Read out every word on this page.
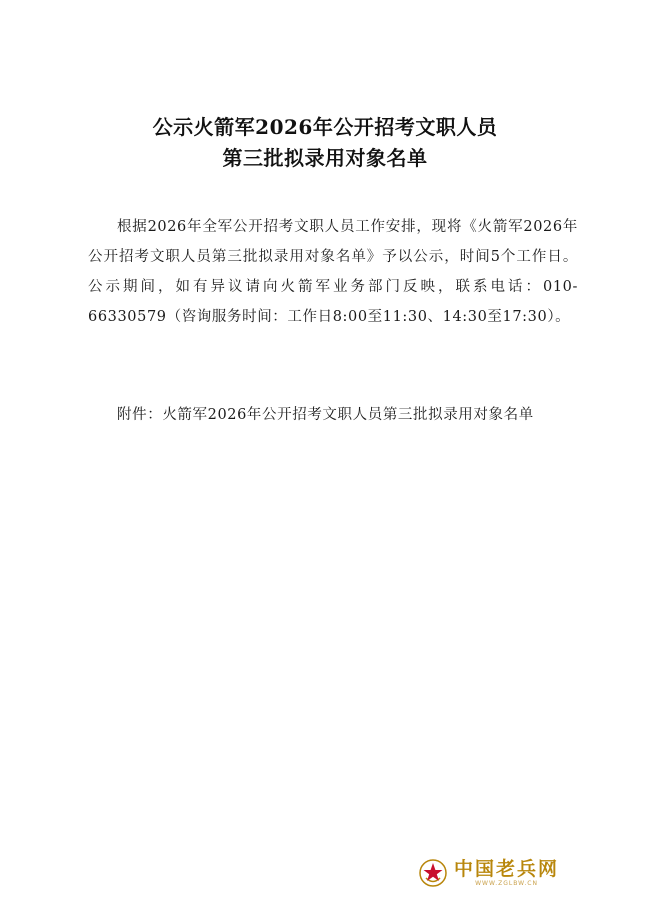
公示火箭军2026年公开招考文职人员
第三批拟录用对象名单

根据2026年全军公开招考文职人员工作安排，现将《火箭军2026年公开招考文职人员第三批拟录用对象名单》予以公示，时间5个工作日。公示期间，如有异议请向火箭军业务部门反映，联系电话：010-66330579（咨询服务时间：工作日8:00至11:30、14:30至17:30）。

附件： 火箭军2026年公开招考文职人员第三批拟录用对象名单
中国老兵网
WWW.ZGLBW.CN
